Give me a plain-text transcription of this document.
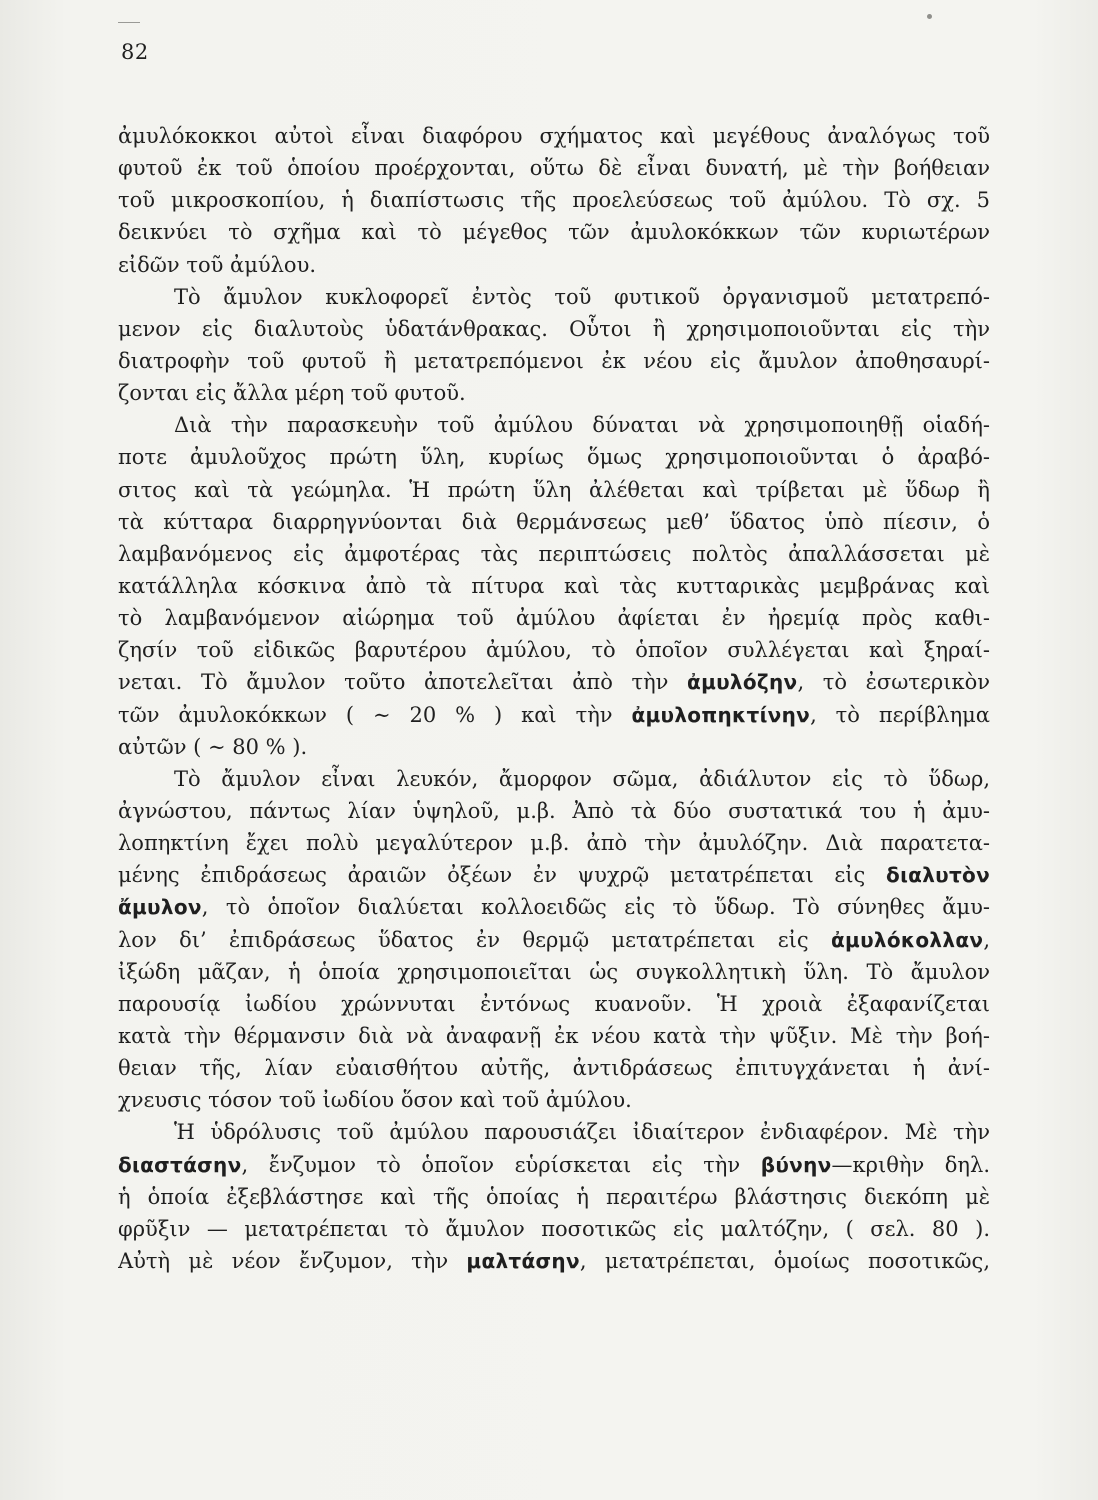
82
ἀμυλόκοκκοι αὐτοὶ εἶναι διαφόρου σχήματος καὶ μεγέθους ἀναλόγως τοῦ
φυτοῦ ἐκ τοῦ ὁποίου προέρχονται, οὕτω δὲ εἶναι δυνατή, μὲ τὴν βοήθειαν
τοῦ μικροσκοπίου, ἡ διαπίστωσις τῆς προελεύσεως τοῦ ἀμύλου. Τὸ σχ. 5
δεικνύει τὸ σχῆμα καὶ τὸ μέγεθος τῶν ἀμυλοκόκκων τῶν κυριωτέρων
εἰδῶν τοῦ ἀμύλου.
Τὸ ἄμυλον κυκλοφορεῖ ἐντὸς τοῦ φυτικοῦ ὀργανισμοῦ μετατρεπό-
μενον εἰς διαλυτοὺς ὑδατάνθρακας. Οὗτοι ἢ χρησιμοποιοῦνται εἰς τὴν
διατροφὴν τοῦ φυτοῦ ἢ μετατρεπόμενοι ἐκ νέου εἰς ἄμυλον ἀποθησαυρί-
ζονται εἰς ἄλλα μέρη τοῦ φυτοῦ.
Διὰ τὴν παρασκευὴν τοῦ ἀμύλου δύναται νὰ χρησιμοποιηθῇ οἱαδή-
ποτε ἀμυλοῦχος πρώτη ὕλη, κυρίως ὅμως χρησιμοποιοῦνται ὁ ἀραβό-
σιτος καὶ τὰ γεώμηλα. Ἡ πρώτη ὕλη ἀλέθεται καὶ τρίβεται μὲ ὕδωρ ἢ
τὰ κύτταρα διαρρηγνύονται διὰ θερμάνσεως μεθ’ ὕδατος ὑπὸ πίεσιν, ὁ
λαμβανόμενος εἰς ἀμφοτέρας τὰς περιπτώσεις πολτὸς ἀπαλλάσσεται μὲ
κατάλληλα κόσκινα ἀπὸ τὰ πίτυρα καὶ τὰς κυτταρικὰς μεμβράνας καὶ
τὸ λαμβανόμενον αἰώρημα τοῦ ἀμύλου ἀφίεται ἐν ἠρεμίᾳ πρὸς καθι-
ζησίν τοῦ εἰδικῶς βαρυτέρου ἀμύλου, τὸ ὁποῖον συλλέγεται καὶ ξηραί-
νεται. Τὸ ἄμυλον τοῦτο ἀποτελεῖται ἀπὸ τὴν ἀμυλόζην, τὸ ἐσωτερικὸν
τῶν ἀμυλοκόκκων ( ∼ 20 % ) καὶ τὴν ἀμυλοπηκτίνην, τὸ περίβλημα
αὐτῶν ( ∼ 80 % ).
Τὸ ἄμυλον εἶναι λευκόν, ἄμορφον σῶμα, ἀδιάλυτον εἰς τὸ ὕδωρ,
ἀγνώστου, πάντως λίαν ὑψηλοῦ, μ.β. Ἀπὸ τὰ δύο συστατικά του ἡ ἀμυ-
λοπηκτίνη ἔχει πολὺ μεγαλύτερον μ.β. ἀπὸ τὴν ἀμυλόζην. Διὰ παρατετα-
μένης ἐπιδράσεως ἀραιῶν ὀξέων ἐν ψυχρῷ μετατρέπεται εἰς διαλυτὸν
ἄμυλον, τὸ ὁποῖον διαλύεται κολλοειδῶς εἰς τὸ ὕδωρ. Τὸ σύνηθες ἄμυ-
λον δι’ ἐπιδράσεως ὕδατος ἐν θερμῷ μετατρέπεται εἰς ἀμυλόκολλαν,
ἰξώδη μᾶζαν, ἡ ὁποία χρησιμοποιεῖται ὡς συγκολλητικὴ ὕλη. Τὸ ἄμυλον
παρουσίᾳ ἰωδίου χρώννυται ἐντόνως κυανοῦν. Ἡ χροιὰ ἐξαφανίζεται
κατὰ τὴν θέρμανσιν διὰ νὰ ἀναφανῇ ἐκ νέου κατὰ τὴν ψῦξιν. Μὲ τὴν βοή-
θειαν τῆς, λίαν εὐαισθήτου αὐτῆς, ἀντιδράσεως ἐπιτυγχάνεται ἡ ἀνί-
χνευσις τόσον τοῦ ἰωδίου ὅσον καὶ τοῦ ἀμύλου.
Ἡ ὑδρόλυσις τοῦ ἀμύλου παρουσιάζει ἰδιαίτερον ἐνδιαφέρον. Μὲ τὴν
διαστάσην, ἔνζυμον τὸ ὁποῖον εὑρίσκεται εἰς τὴν βύνην—κριθὴν δηλ.
ἡ ὁποία ἐξεβλάστησε καὶ τῆς ὁποίας ἡ περαιτέρω βλάστησις διεκόπη μὲ
φρῦξιν — μετατρέπεται τὸ ἄμυλον ποσοτικῶς εἰς μαλτόζην, ( σελ. 80 ).
Αὐτὴ μὲ νέον ἔνζυμον, τὴν μαλτάσην, μετατρέπεται, ὁμοίως ποσοτικῶς,
